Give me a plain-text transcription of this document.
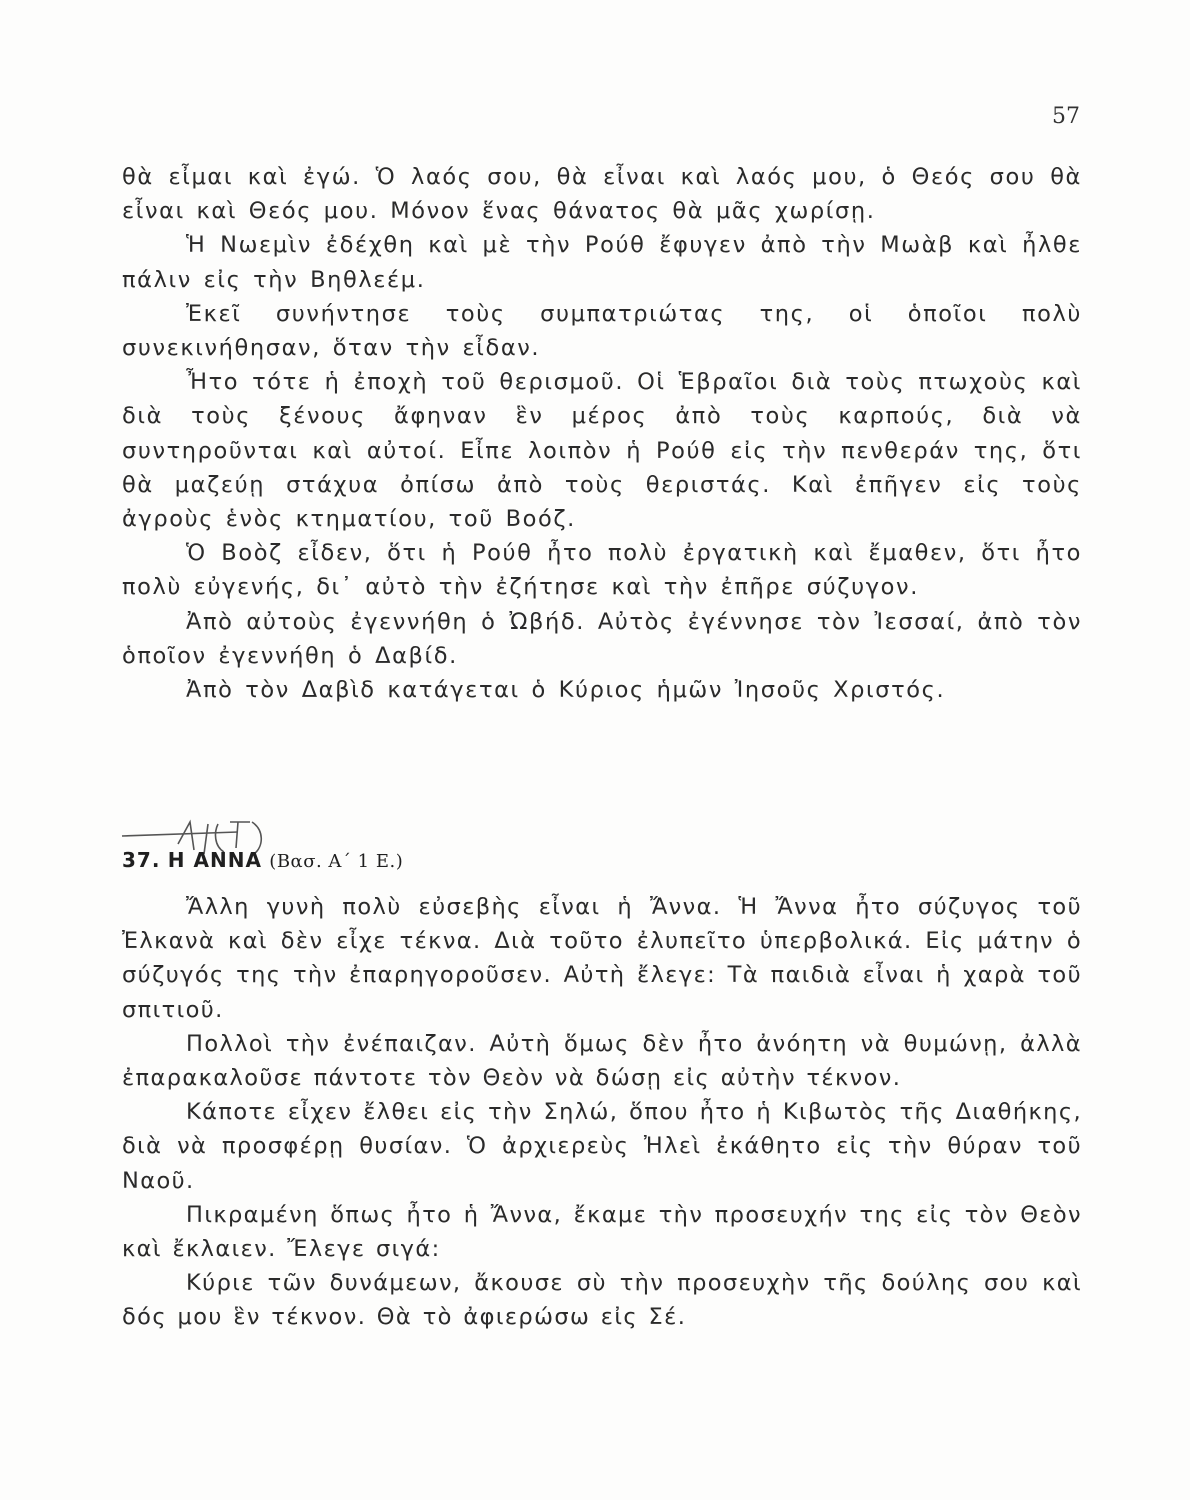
57

θὰ εἶμαι καὶ ἐγώ. Ὁ λαός σου, θὰ εἶναι καὶ λαός μου, ὁ Θεός σου θὰ εἶναι καὶ Θεός μου. Μόνον ἕνας θάνατος θὰ μᾶς χωρίσῃ.

Ἡ Νωεμὶν ἐδέχθη καὶ μὲ τὴν Ρούθ ἔφυγεν ἀπὸ τὴν Μωὰβ καὶ ἦλθε πάλιν εἰς τὴν Βηθλεέμ.

Ἐκεῖ συνήντησε τοὺς συμπατριώτας της, οἱ ὁποῖοι πολὺ συνεκινήθησαν, ὅταν τὴν εἶδαν.

Ἦτο τότε ἡ ἐποχὴ τοῦ θερισμοῦ. Οἱ Ἑβραῖοι διὰ τοὺς πτωχοὺς καὶ διὰ τοὺς ξένους ἄφηναν ἓν μέρος ἀπὸ τοὺς καρπούς, διὰ νὰ συντηροῦνται καὶ αὐτοί. Εἶπε λοιπὸν ἡ Ρούθ εἰς τὴν πενθεράν της, ὅτι θὰ μαζεύῃ στάχυα ὀπίσω ἀπὸ τοὺς θεριστάς. Καὶ ἐπῆγεν εἰς τοὺς ἀγροὺς ἑνὸς κτηματίου, τοῦ Βοόζ.

Ὁ Βοὸζ εἶδεν, ὅτι ἡ Ρούθ ἦτο πολὺ ἐργατικὴ καὶ ἔμαθεν, ὅτι ἦτο πολὺ εὐγενής, δι᾿ αὐτὸ τὴν ἐζήτησε καὶ τὴν ἐπῆρε σύζυγον.

Ἀπὸ αὐτοὺς ἐγεννήθη ὁ Ὠβήδ. Αὐτὸς ἐγέννησε τὸν Ἰεσσαί, ἀπὸ τὸν ὁποῖον ἐγεννήθη ὁ Δαβίδ.

Ἀπὸ τὸν Δαβὶδ κατάγεται ὁ Κύριος ἡμῶν Ἰησοῦς Χριστός.

37. Η ΑΝΝΑ (Βασ. Α΄ 1 Ε.)

Ἄλλη γυνὴ πολὺ εὐσεβὴς εἶναι ἡ Ἄννα. Ἡ Ἄννα ἦτο σύζυγος τοῦ Ἐλκανὰ καὶ δὲν εἶχε τέκνα. Διὰ τοῦτο ἐλυπεῖτο ὑπερβολικά. Εἰς μάτην ὁ σύζυγός της τὴν ἐπαρηγοροῦσεν. Αὐτὴ ἔλεγε: Τὰ παιδιὰ εἶναι ἡ χαρὰ τοῦ σπιτιοῦ.

Πολλοὶ τὴν ἐνέπαιζαν. Αὐτὴ ὅμως δὲν ἦτο ἀνόητη νὰ θυμώνῃ, ἀλλὰ ἐπαρακαλοῦσε πάντοτε τὸν Θεὸν νὰ δώσῃ εἰς αὐτὴν τέκνον.

Κάποτε εἶχεν ἔλθει εἰς τὴν Σηλώ, ὅπου ἦτο ἡ Κιβωτὸς τῆς Διαθήκης, διὰ νὰ προσφέρῃ θυσίαν. Ὁ ἀρχιερεὺς Ἠλεὶ ἐκάθητο εἰς τὴν θύραν τοῦ Ναοῦ.

Πικραμένη ὅπως ἦτο ἡ Ἄννα, ἔκαμε τὴν προσευχήν της εἰς τὸν Θεὸν καὶ ἔκλαιεν. Ἔλεγε σιγά:

Κύριε τῶν δυνάμεων, ἄκουσε σὺ τὴν προσευχὴν τῆς δούλης σου καὶ δός μου ἓν τέκνον. Θὰ τὸ ἀφιερώσω εἰς Σέ.
